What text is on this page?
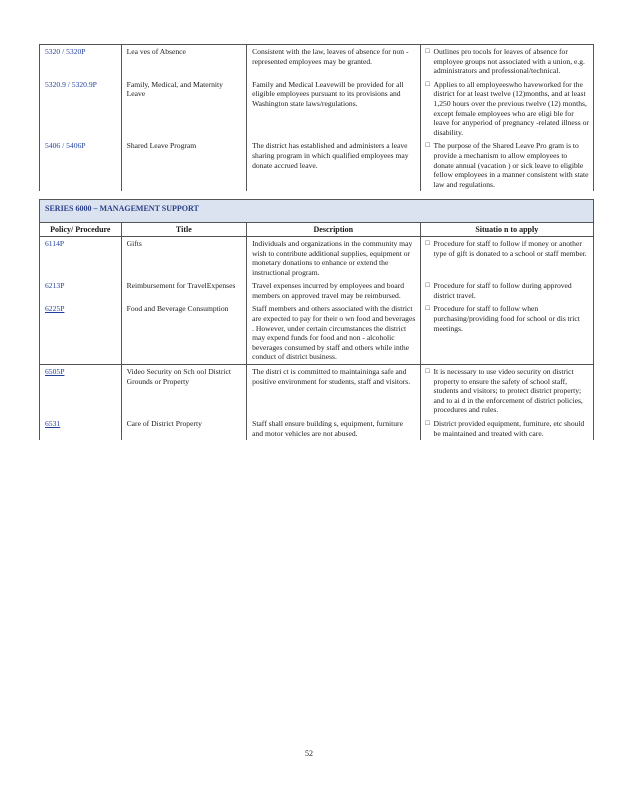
5320 / 5320P	Lea ves of Absence	Consistent with the law, leaves of absence for non -represented employees may be granted.	□ Outlines pro tocols for leaves of absence for employee groups not associated with a union, e.g. administrators and professional/technical.

5320.9 / 5320.9P	Family, Medical, and Maternity Leave	Family and Medical Leavewill be provided for all eligible employees pursuant to its provisions and Washington state laws/regulations.	□ Applies to all employeeswho haveworked for the district for at least twelve (12)months, and at least 1,250 hours over the previous twelve (12) months, except female employees who are eligi ble for leave for anyperiod of pregnancy -related illness or disability.

5406 / 5406P	Shared Leave Program	The district has established and administers a leave sharing program in which qualified employees may donate accrued leave.	□ The purpose of the Shared Leave Pro gram is to provide a mechanism to allow employees to donate annual (vacation ) or sick leave to eligible fellow employees in a manner consistent with state law and regulations.

SERIES 6000 – MANAGEMENT SUPPORT			
Policy/ Procedure	Title	Description	Situatio n to apply
6114P	Gifts	Individuals and organizations in the community may wish to contribute additional supplies, equipment or monetary donations to enhance or extend the instructional program.	□ Procedure for staff to follow if money or another type of gift is donated to a school or staff member.

6213P	Reimbursement for TravelExpenses	Travel expenses incurred by employees and board members on approved travel may be reimbursed.	□ Procedure for staff to follow during approved district travel.

6225P	Food and Beverage Consumption	Staff members and others associated with the district are expected to pay for their o wn food and beverages . However, under certain circumstances the district may expend funds for food and non - alcoholic beverages consumed by staff and others while inthe conduct of district business.	□ Procedure for staff to follow when purchasing/providing food for school or dis trict meetings.

6505P	Video Security on Sch ool District Grounds or Property	The distri ct is committed to maintaininga safe and positive environment for students, staff and visitors.	□ It is necessary to use video security on district property to ensure the safety of school staff, students and visitors; to protect district property; and to ai d in the enforcement of district policies, procedures and rules.

6531	Care of District Property	Staff shall ensure building s, equipment, furniture and motor vehicles are not abused.	□ District provided equipment, furniture, etc should be maintained and treated with care.
52
